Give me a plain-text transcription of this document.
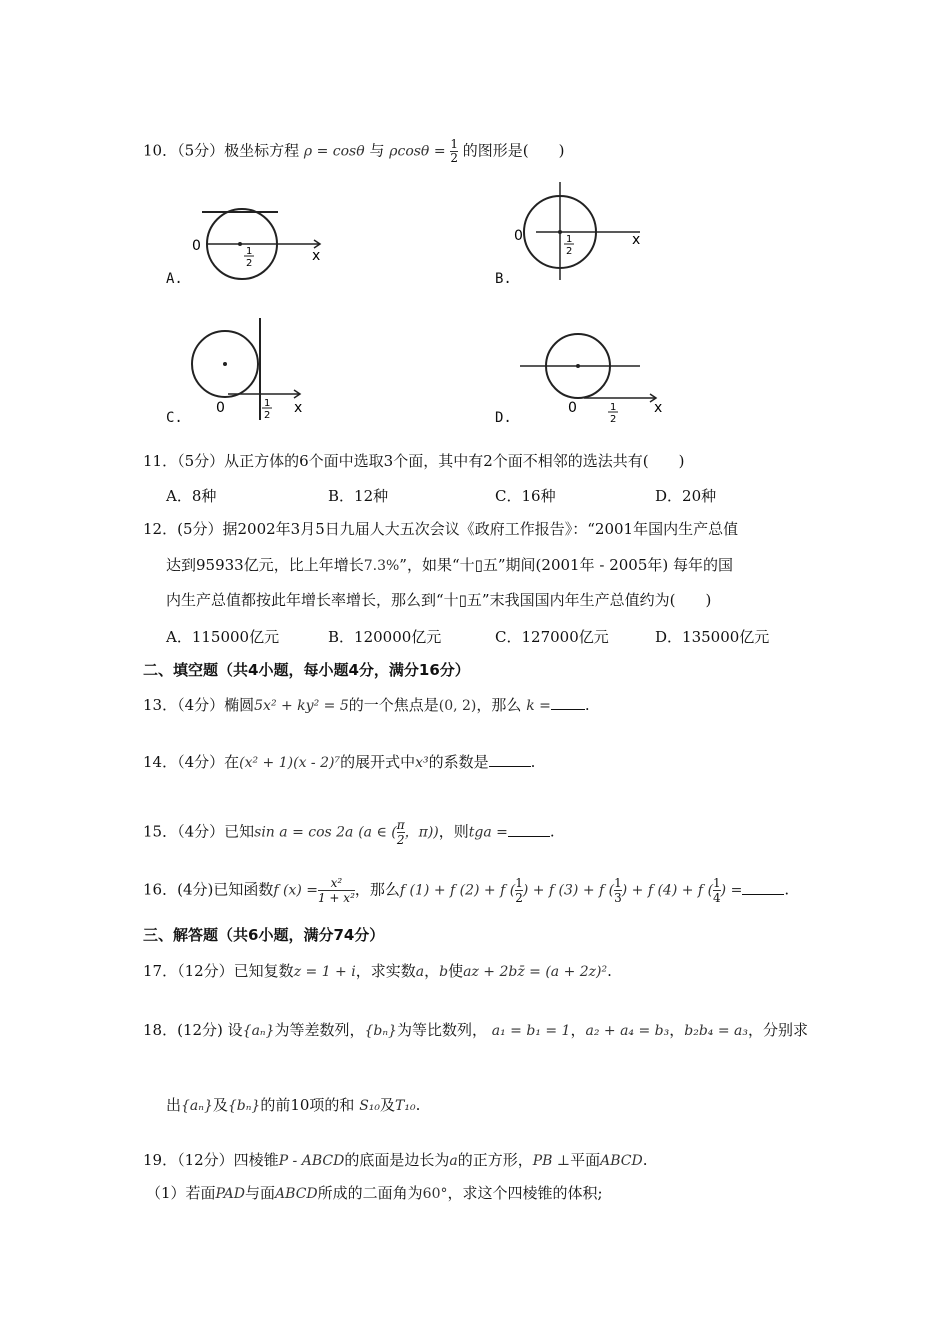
10．（5分）极坐标方程 ρ = cosθ 与 $\rho\cos\theta = \frac{1}{2}$ 的图形是(　　)
0	1
2	x
A.
0	1
2
x
B.
0	1
2 x
C.
0	1
2
x
D.
11．（5分）从正方体的6个面中选取3个面，其中有2个面不相邻的选法共有(　　)
A．8种	B．12种	C．16种	D．20种
12．(5分）据2002年3月5日九届人大五次会议《政府工作报告》：“2001年国内生产总值
达到95933亿元，比上年增长7.3%”，如果“十▯五”期间(2001年 - 2005年) 每年的国
内生产总值都按此年增长率增长，那么到“十▯五”末我国国内年生产总值约为(　　)
A．115000亿元	B．120000亿元	C．127000亿元	D．135000亿元
二、填空题（共4小题，每小题4分，满分16分）
13．（4分）椭圆5x² + ky² = 5的一个焦点是(0, 2)，那么 k = .
14．（4分）在(x² + 1)(x - 2)⁷的展开式中x³的系数是	.
15．（4分）已知sin a = cos 2a (a ∈ ( $\frac{\pi}{2}$ ，π))，则tga =	.
16．(4分)已知函数f $(x) = \frac{\text{x²}}{\text{1 + x²}}$ ，那么f (1) + f (2) + f ( $\frac{1}{2}$ ) + f (3) + f ( $\frac{1}{3}$ ) + f (4) + f ( $\frac{1}{4}$ ) =	.
三、解答题（共6小题，满分74分）
17．（12分）已知复数z = 1 + i，求实数a，b使az + 2bz̄ = (a + 2z)².
18．(12分) 设{aₙ}为等差数列，{bₙ}为等比数列， a₁ = b₁ = 1，a₂ + a₄ = b₃，b₂b₄ = a₃，分别求
出{aₙ}及{bₙ}的前10项的和 S₁₀及T₁₀.
19．（12分）四棱锥P - ABCD的底面是边长为a的正方形，PB ⊥平面ABCD.
（1）若面PAD与面ABCD所成的二面角为60°，求这个四棱锥的体积;
